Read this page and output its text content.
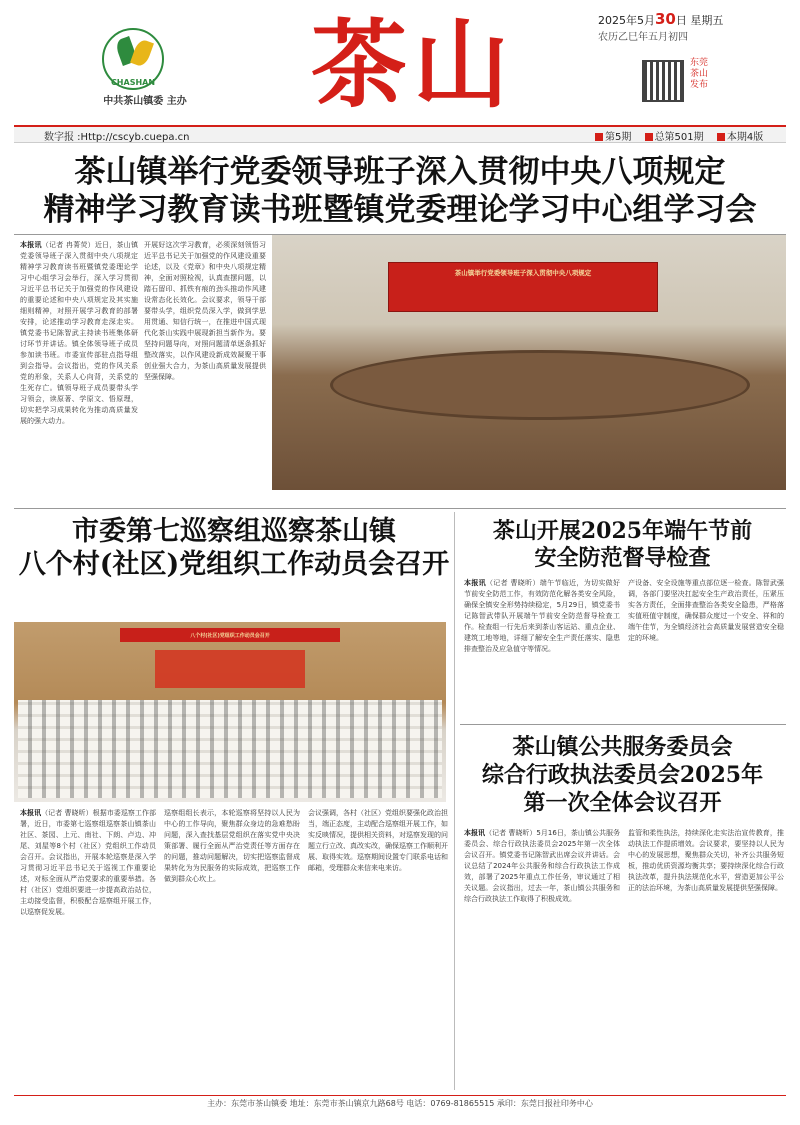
CHASHAN
中共茶山镇委 主办 茶山	2025年5月30日 星期五
农历乙巳年五月初四
东莞茶山发布
数字报 :Http://cscyb.cuepa.cn	第5期 总第501期 本期4版
茶山镇举行党委领导班子深入贯彻中央八项规定
精神学习教育读书班暨镇党委理论学习中心组学习会
本报讯（记者 冉菁荧）近日，茶山镇党委领导班子深入贯彻中央八项规定精神学习教育读书班暨镇党委理论学习中心组学习会举行，深入学习贯彻习近平总书记关于加强党的作风建设的重要论述和中央八项规定及其实施细则精神，对照开展学习教育的部署安排，论述推动学习教育走深走实。镇党委书记陈智武主持读书班集体研讨环节并讲话。镇全体领导班子成员参加读书班。市委宣传部驻点指导组到会指导。会议指出，党的作风关系党的形象，关系人心向背，关系党的生死存亡。镇领导班子成员要带头学习领会，读原著、学原文、悟原理，切实把学习成果转化为推动高质量发展的强大动力。
开展好这次学习教育，必须深刻领悟习近平总书记关于加强党的作风建设重要论述，以及《党章》和中央八项规定精神，全面对照检视，认真查摆问题，以踏石留印、抓铁有痕的劲头推动作风建设常态化长效化。会议要求，领导干部要带头学，组织党员深入学，做到学思用贯通、知信行统一，在推进中国式现代化茶山实践中展现新担当新作为。要坚持问题导向，对照问题清单逐条抓好整改落实，以作风建设新成效凝聚干事创业强大合力，为茶山高质量发展提供坚强保障。
茶山镇举行党委领导班子深入贯彻中央八项规定
市委第七巡察组巡察茶山镇
八个村(社区)党组织工作动员会召开
八个村(社区)党组织工作动员会召开
本报讯（记者 曹晓昕）根据市委巡察工作部署，近日，市委第七巡察组巡察茶山镇茶山社区、茶园、上元、南社、下朗、卢边、冲尾、刘屋等8个村（社区）党组织工作动员会召开。会议指出，开展本轮巡察是深入学习贯彻习近平总书记关于巡视工作重要论述，对标全面从严治党要求的重要举措。各村（社区）党组织要进一步提高政治站位，主动接受监督，积极配合巡察组开展工作，以巡察促发展。
巡察组组长表示，本轮巡察将坚持以人民为中心的工作导向，聚焦群众身边的急难愁盼问题，深入查找基层党组织在落实党中央决策部署、履行全面从严治党责任等方面存在的问题，推动问题解决，切实把巡察监督成果转化为为民服务的实际成效，把巡察工作做到群众心坎上。
会议强调，各村（社区）党组织要强化政治担当，端正态度，主动配合巡察组开展工作，如实反映情况，提供相关资料，对巡察发现的问题立行立改、真改实改，确保巡察工作顺利开展、取得实效。巡察期间设置专门联系电话和邮箱，受理群众来信来电来访。
茶山开展2025年端午节前
安全防范督导检查
本报讯（记者 曹晓昕）端午节临近，为切实做好节前安全防范工作，有效防范化解各类安全风险，确保全镇安全形势持续稳定，5月29日，镇党委书记陈智武带队开展端午节前安全防范督导检查工作。检查组一行先后来到茶山客运站、重点企业、建筑工地等地，详细了解安全生产责任落实、隐患排查整治及应急值守等情况。
产设备、安全设施等重点部位逐一检查。陈智武强调，各部门要坚决扛起安全生产政治责任，压紧压实各方责任，全面排查整治各类安全隐患，严格落实值班值守制度，确保群众度过一个安全、祥和的端午佳节，为全镇经济社会高质量发展营造安全稳定的环境。
茶山镇公共服务委员会
综合行政执法委员会2025年
第一次全体会议召开
本报讯（记者 曹晓昕）5月16日，茶山镇公共服务委员会、综合行政执法委员会2025年第一次全体会议召开。镇党委书记陈智武出席会议并讲话。会议总结了2024年公共服务和综合行政执法工作成效，部署了2025年重点工作任务，审议通过了相关议题。会议指出，过去一年，茶山镇公共服务和综合行政执法工作取得了积极成效。
监管和柔性执法，持续深化走实法治宣传教育，推动执法工作提质增效。会议要求，要坚持以人民为中心的发展思想，聚焦群众关切，补齐公共服务短板，推动优质资源均衡共享；要持续深化综合行政执法改革，提升执法规范化水平，营造更加公平公正的法治环境，为茶山高质量发展提供坚强保障。
主办：东莞市茶山镇委 地址：东莞市茶山镇京九路68号 电话：0769-81865515 承印：东莞日报社印务中心
